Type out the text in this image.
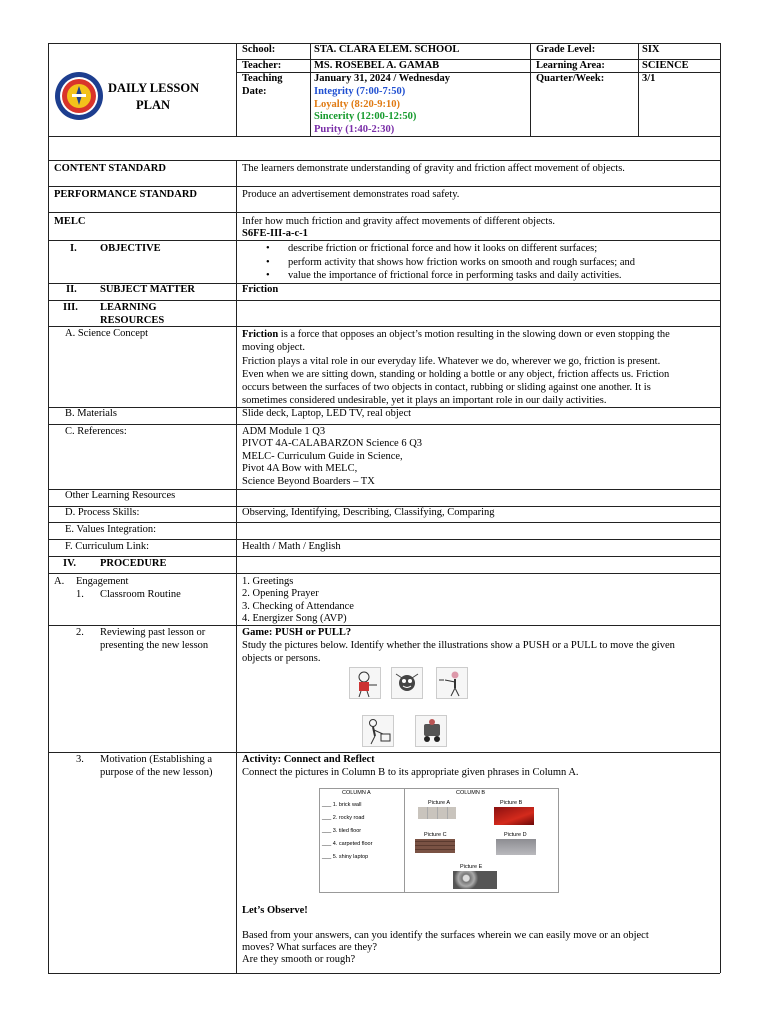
DAILY LESSON
PLAN
School:	STA. CLARA ELEM. SCHOOL
Teacher:	MS. ROSEBEL A. GAMAB
Teaching
Date:
January 31, 2024 / Wednesday
Integrity (7:00-7:50)
Loyalty (8:20-9:10)
Sincerity (12:00-12:50)
Purity (1:40-2:30)
Grade Level:	SIX
Learning Area:	SCIENCE
Quarter/Week:	3/1
CONTENT STANDARD	The learners demonstrate understanding of gravity and friction affect movement of objects.
PERFORMANCE STANDARD	Produce an advertisement demonstrates road safety.
MELC	Infer how much friction and gravity affect movements of different objects.
S6FE-III-a-c-1
I. OBJECTIVE
•	describe friction or frictional force and how it looks on different surfaces;
• perform activity that shows how friction works on smooth and rough surfaces; and
• value the importance of frictional force in performing tasks and daily activities.
II. SUBJECT MATTER	Friction
III. LEARNING
RESOURCES
A. Science Concept	Friction is a force that opposes an object’s motion resulting in the slowing down or even stopping the
moving object.
Friction plays a vital role in our everyday life. Whatever we do, wherever we go, friction is present.
Even when we are sitting down, standing or holding a bottle or any object, friction affects us. Friction
occurs between the surfaces of two objects in contact, rubbing or sliding against one another. It is
sometimes considered undesirable, yet it plays an important role in our daily activities.
B. Materials	Slide deck, Laptop, LED TV, real object
C. References:	ADM Module 1 Q3
PIVOT 4A-CALABARZON Science 6 Q3
MELC- Curriculum Guide in Science,
Pivot 4A Bow with MELC,
Science Beyond Boarders – TX
Other Learning Resources
D. Process Skills:	Observing, Identifying, Describing, Classifying, Comparing
E. Values Integration:
F. Curriculum Link:	Health / Math / English
IV. PROCEDURE
A. Engagement
1. Classroom Routine
1. Greetings
2. Opening Prayer
3. Checking of Attendance
4. Energizer Song (AVP)
2. Reviewing past lesson or
presenting the new lesson
Game: PUSH or PULL?
Study the pictures below. Identify whether the illustrations show a PUSH or a PULL to move the given
objects or persons.
3. Motivation (Establishing a
purpose of the new lesson)
Activity: Connect and Reflect
Connect the pictures in Column B to its appropriate given phrases in Column A.
COLUMN A	COLUMN B
___ 1. brick wall
___ 2. rocky road
___ 3. tiled floor
___ 4. carpeted floor
___ 5. shiny laptop
Picture A	Picture B
Picture C	Picture D
Picture E
Let’s Observe!
Based from your answers, can you identify the surfaces wherein we can easily move or an object
moves? What surfaces are they?
Are they smooth or rough?
